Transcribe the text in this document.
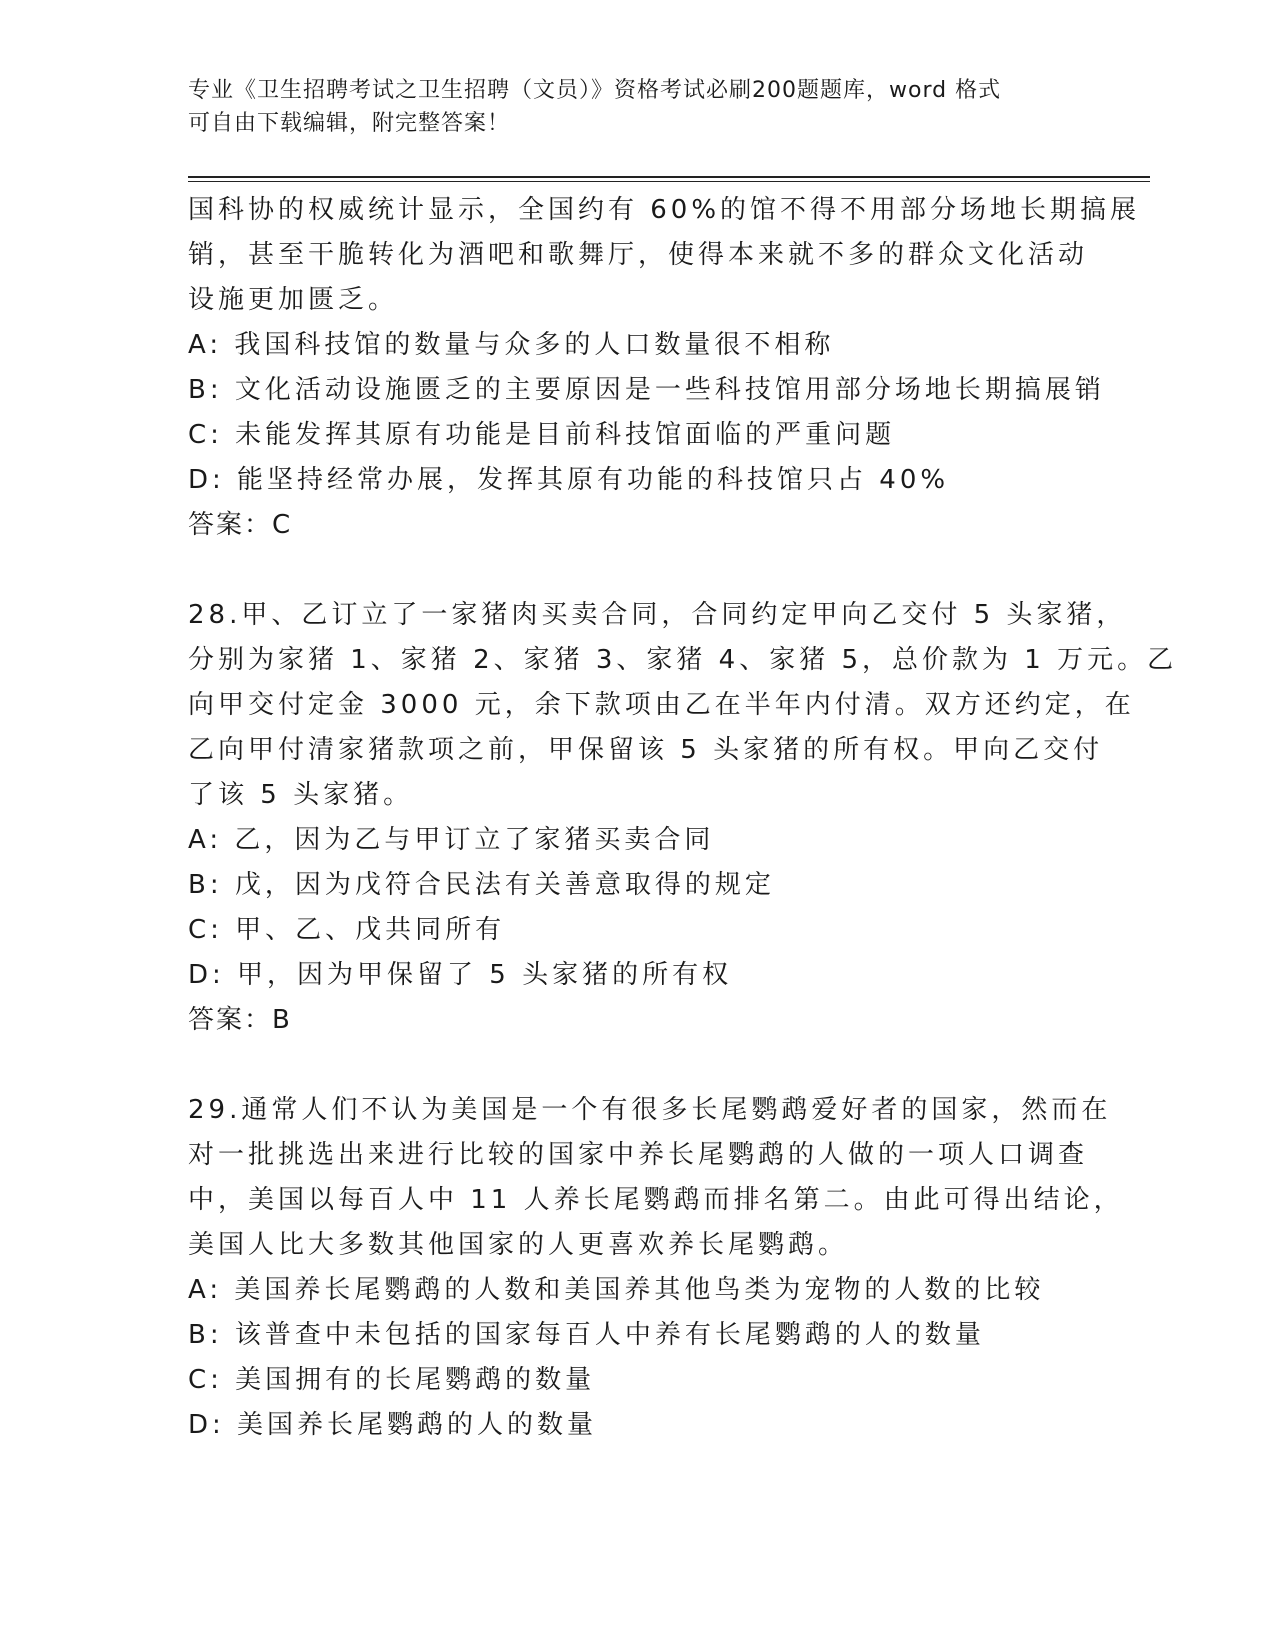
专业《卫生招聘考试之卫生招聘（文员）》资格考试必刷200题题库，word 格式

可自由下载编辑，附完整答案！

国科协的权威统计显示，全国约有 60%的馆不得不用部分场地长期搞展

销，甚至干脆转化为酒吧和歌舞厅，使得本来就不多的群众文化活动

设施更加匮乏。

A: 我国科技馆的数量与众多的人口数量很不相称

B: 文化活动设施匮乏的主要原因是一些科技馆用部分场地长期搞展销

C: 未能发挥其原有功能是目前科技馆面临的严重问题

D: 能坚持经常办展，发挥其原有功能的科技馆只占 40%

答案：C

28.甲、乙订立了一家猪肉买卖合同，合同约定甲向乙交付 5 头家猪，

分别为家猪 1、家猪 2、家猪 3、家猪 4、家猪 5，总价款为 1 万元。乙

向甲交付定金 3000 元，余下款项由乙在半年内付清。双方还约定，在

乙向甲付清家猪款项之前，甲保留该 5 头家猪的所有权。甲向乙交付

了该 5 头家猪。

A: 乙，因为乙与甲订立了家猪买卖合同

B: 戊，因为戊符合民法有关善意取得的规定

C: 甲、乙、戊共同所有

D: 甲，因为甲保留了 5 头家猪的所有权

答案：B

29.通常人们不认为美国是一个有很多长尾鹦鹉爱好者的国家，然而在

对一批挑选出来进行比较的国家中养长尾鹦鹉的人做的一项人口调查

中，美国以每百人中 11 人养长尾鹦鹉而排名第二。由此可得出结论，

美国人比大多数其他国家的人更喜欢养长尾鹦鹉。

A: 美国养长尾鹦鹉的人数和美国养其他鸟类为宠物的人数的比较

B: 该普查中未包括的国家每百人中养有长尾鹦鹉的人的数量

C: 美国拥有的长尾鹦鹉的数量

D: 美国养长尾鹦鹉的人的数量
